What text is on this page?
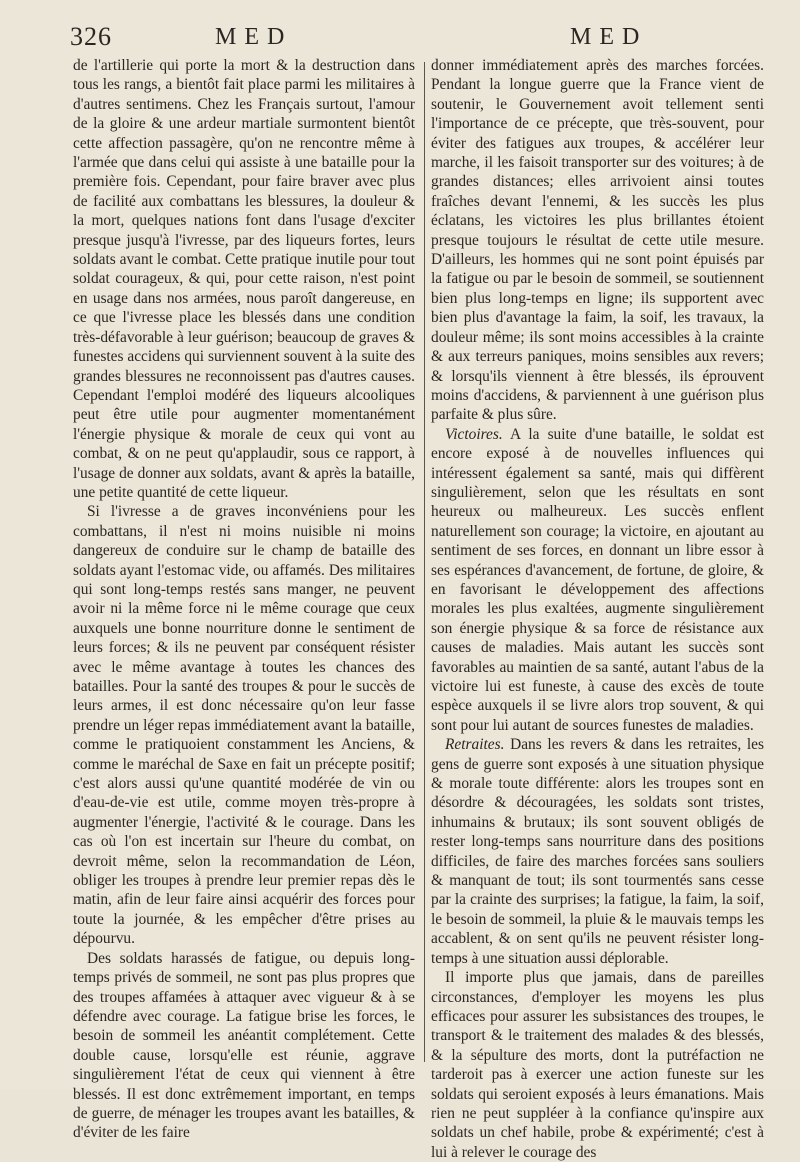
326	MED	MED

de l'artillerie qui porte la mort & la destruction dans tous les rangs, a bientôt fait place parmi les militaires à d'autres sentimens. Chez les Français surtout, l'amour de la gloire & une ardeur martiale surmontent bientôt cette affection passagère, qu'on ne rencontre même à l'armée que dans celui qui assiste à une bataille pour la première fois. Cependant, pour faire braver avec plus de facilité aux combattans les blessures, la douleur & la mort, quelques nations font dans l'usage d'exciter presque jusqu'à l'ivresse, par des liqueurs fortes, leurs soldats avant le combat. Cette pratique inutile pour tout soldat courageux, & qui, pour cette raison, n'est point en usage dans nos armées, nous paroît dangereuse, en ce que l'ivresse place les blessés dans une condition très-défavorable à leur guérison; beaucoup de graves & funestes accidens qui surviennent souvent à la suite des grandes blessures ne reconnoissent pas d'autres causes. Cependant l'emploi modéré des liqueurs alcooliques peut être utile pour augmenter momentanément l'énergie physique & morale de ceux qui vont au combat, & on ne peut qu'applaudir, sous ce rapport, à l'usage de donner aux soldats, avant & après la bataille, une petite quantité de cette liqueur.

Si l'ivresse a de graves inconvéniens pour les combattans, il n'est ni moins nuisible ni moins dangereux de conduire sur le champ de bataille des soldats ayant l'estomac vide, ou affamés. Des militaires qui sont long-temps restés sans manger, ne peuvent avoir ni la même force ni le même courage que ceux auxquels une bonne nourriture donne le sentiment de leurs forces; & ils ne peuvent par conséquent résister avec le même avantage à toutes les chances des batailles. Pour la santé des troupes & pour le succès de leurs armes, il est donc nécessaire qu'on leur fasse prendre un léger repas immédiatement avant la bataille, comme le pratiquoient constamment les Anciens, & comme le maréchal de Saxe en fait un précepte positif; c'est alors aussi qu'une quantité modérée de vin ou d'eau-de-vie est utile, comme moyen très-propre à augmenter l'énergie, l'activité & le courage. Dans les cas où l'on est incertain sur l'heure du combat, on devroit même, selon la recommandation de Léon, obliger les troupes à prendre leur premier repas dès le matin, afin de leur faire ainsi acquérir des forces pour toute la journée, & les empêcher d'être prises au dépourvu.

Des soldats harassés de fatigue, ou depuis long-temps privés de sommeil, ne sont pas plus propres que des troupes affamées à attaquer avec vigueur & à se défendre avec courage. La fatigue brise les forces, le besoin de sommeil les anéantit complétement. Cette double cause, lorsqu'elle est réunie, aggrave singulièrement l'état de ceux qui viennent à être blessés. Il est donc extrêmement important, en temps de guerre, de ménager les troupes avant les batailles, & d'éviter de les faire

donner immédiatement après des marches forcées. Pendant la longue guerre que la France vient de soutenir, le Gouvernement avoit tellement senti l'importance de ce précepte, que très-souvent, pour éviter des fatigues aux troupes, & accélérer leur marche, il les faisoit transporter sur des voitures; à de grandes distances; elles arrivoient ainsi toutes fraîches devant l'ennemi, & les succès les plus éclatans, les victoires les plus brillantes étoient presque toujours le résultat de cette utile mesure. D'ailleurs, les hommes qui ne sont point épuisés par la fatigue ou par le besoin de sommeil, se soutiennent bien plus long-temps en ligne; ils supportent avec bien plus d'avantage la faim, la soif, les travaux, la douleur même; ils sont moins accessibles à la crainte & aux terreurs paniques, moins sensibles aux revers; & lorsqu'ils viennent à être blessés, ils éprouvent moins d'accidens, & parviennent à une guérison plus parfaite & plus sûre.

Victoires. A la suite d'une bataille, le soldat est encore exposé à de nouvelles influences qui intéressent également sa santé, mais qui diffèrent singulièrement, selon que les résultats en sont heureux ou malheureux. Les succès enflent naturellement son courage; la victoire, en ajoutant au sentiment de ses forces, en donnant un libre essor à ses espérances d'avancement, de fortune, de gloire, & en favorisant le développement des affections morales les plus exaltées, augmente singulièrement son énergie physique & sa force de résistance aux causes de maladies. Mais autant les succès sont favorables au maintien de sa santé, autant l'abus de la victoire lui est funeste, à cause des excès de toute espèce auxquels il se livre alors trop souvent, & qui sont pour lui autant de sources funestes de maladies.

Retraites. Dans les revers & dans les retraites, les gens de guerre sont exposés à une situation physique & morale toute différente: alors les troupes sont en désordre & découragées, les soldats sont tristes, inhumains & brutaux; ils sont souvent obligés de rester long-temps sans nourriture dans des positions difficiles, de faire des marches forcées sans souliers & manquant de tout; ils sont tourmentés sans cesse par la crainte des surprises; la fatigue, la faim, la soif, le besoin de sommeil, la pluie & le mauvais temps les accablent, & on sent qu'ils ne peuvent résister long-temps à une situation aussi déplorable.

Il importe plus que jamais, dans de pareilles circonstances, d'employer les moyens les plus efficaces pour assurer les subsistances des troupes, le transport & le traitement des malades & des blessés, & la sépulture des morts, dont la putréfaction ne tarderoit pas à exercer une action funeste sur les soldats qui seroient exposés à leurs émanations. Mais rien ne peut suppléer à la confiance qu'inspire aux soldats un chef habile, probe & expérimenté; c'est à lui à relever le courage des
